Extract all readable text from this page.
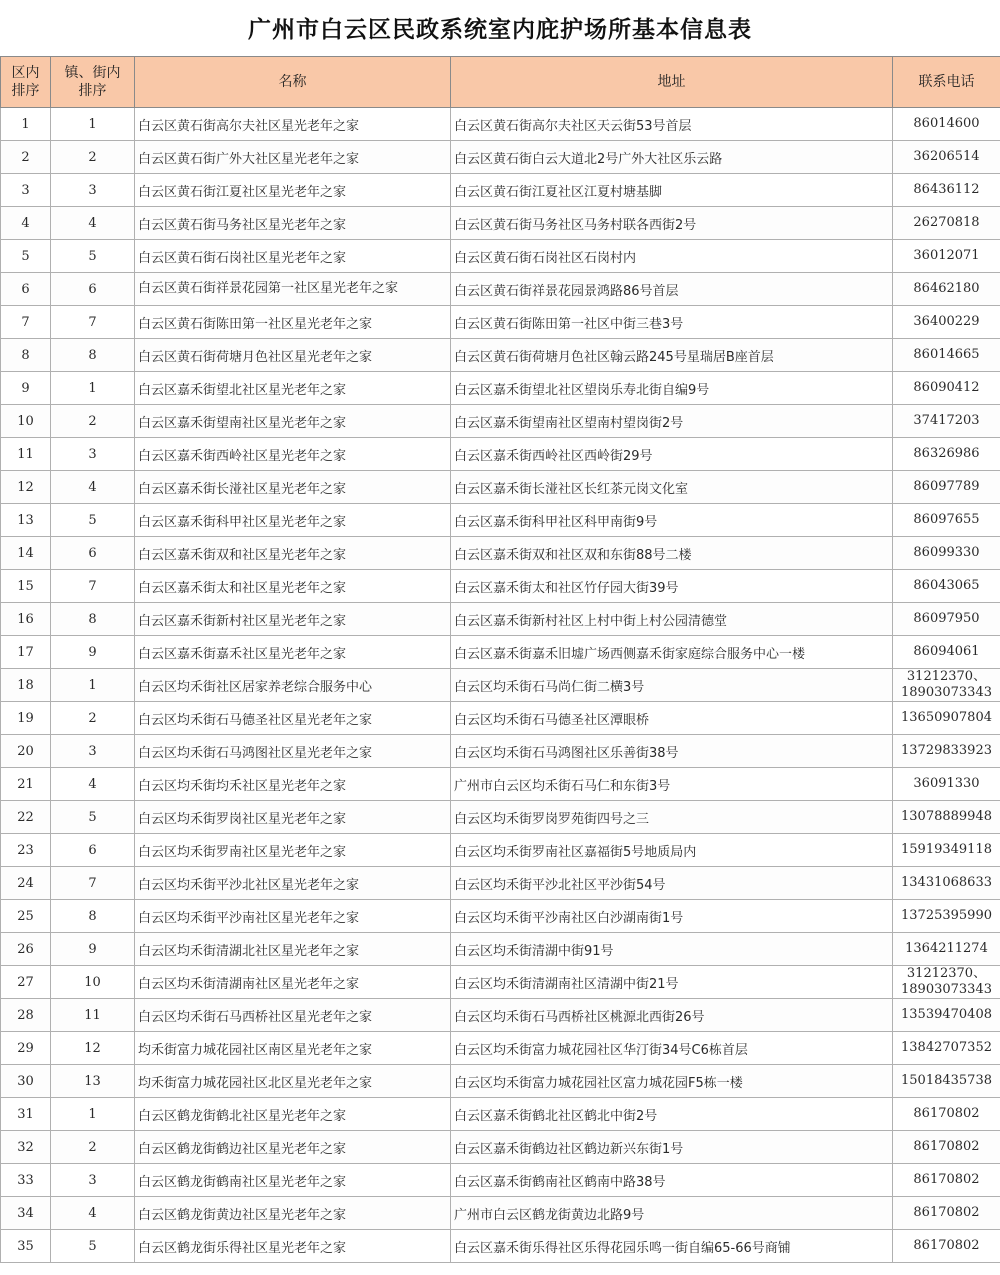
广州市白云区民政系统室内庇护场所基本信息表
区内
排序	镇、街内
排序	名称	地址	联系电话
1	1	白云区黄石街高尔夫社区星光老年之家	白云区黄石街高尔夫社区天云街53号首层	86014600
2	2	白云区黄石街广外大社区星光老年之家	白云区黄石街白云大道北2号广外大社区乐云路	36206514
3	3	白云区黄石街江夏社区星光老年之家	白云区黄石街江夏社区江夏村塘基脚	86436112
4	4	白云区黄石街马务社区星光老年之家	白云区黄石街马务社区马务村联各西街2号	26270818
5	5	白云区黄石街石岗社区星光老年之家	白云区黄石街石岗社区石岗村内	36012071
6	6	白云区黄石街祥景花园第一社区星光老年之家	白云区黄石街祥景花园景鸿路86号首层	86462180
7	7	白云区黄石街陈田第一社区星光老年之家	白云区黄石街陈田第一社区中街三巷3号	36400229
8	8	白云区黄石街荷塘月色社区星光老年之家	白云区黄石街荷塘月色社区翰云路245号星瑞居B座首层	86014665
9	1	白云区嘉禾街望北社区星光老年之家	白云区嘉禾街望北社区望岗乐寿北街自编9号	86090412
10	2	白云区嘉禾街望南社区星光老年之家	白云区嘉禾街望南社区望南村望岗街2号	37417203
11	3	白云区嘉禾街西岭社区星光老年之家	白云区嘉禾街西岭社区西岭街29号	86326986
12	4	白云区嘉禾街长湴社区星光老年之家	白云区嘉禾街长湴社区长红茶元岗文化室	86097789
13	5	白云区嘉禾街科甲社区星光老年之家	白云区嘉禾街科甲社区科甲南街9号	86097655
14	6	白云区嘉禾街双和社区星光老年之家	白云区嘉禾街双和社区双和东街88号二楼	86099330
15	7	白云区嘉禾街太和社区星光老年之家	白云区嘉禾街太和社区竹仔园大街39号	86043065
16	8	白云区嘉禾街新村社区星光老年之家	白云区嘉禾街新村社区上村中街上村公园清德堂	86097950
17	9	白云区嘉禾街嘉禾社区星光老年之家	白云区嘉禾街嘉禾旧墟广场西侧嘉禾街家庭综合服务中心一楼	86094061
18	1	白云区均禾街社区居家养老综合服务中心	白云区均禾街石马尚仁街二横3号	31212370、
18903073343
19	2	白云区均禾街石马德圣社区星光老年之家	白云区均禾街石马德圣社区潭眼桥	13650907804
20	3	白云区均禾街石马鸿图社区星光老年之家	白云区均禾街石马鸿图社区乐善街38号	13729833923
21	4	白云区均禾街均禾社区星光老年之家	广州市白云区均禾街石马仁和东街3号	36091330
22	5	白云区均禾街罗岗社区星光老年之家	白云区均禾街罗岗罗苑街四号之三	13078889948
23	6	白云区均禾街罗南社区星光老年之家	白云区均禾街罗南社区嘉福街5号地质局内	15919349118
24	7	白云区均禾街平沙北社区星光老年之家	白云区均禾街平沙北社区平沙街54号	13431068633
25	8	白云区均禾街平沙南社区星光老年之家	白云区均禾街平沙南社区白沙湖南街1号	13725395990
26	9	白云区均禾街清湖北社区星光老年之家	白云区均禾街清湖中街91号	1364211274
27	10	白云区均禾街清湖南社区星光老年之家	白云区均禾街清湖南社区清湖中街21号	31212370、
18903073343
28	11	白云区均禾街石马西桥社区星光老年之家	白云区均禾街石马西桥社区桃源北西街26号	13539470408
29	12	均禾街富力城花园社区南区星光老年之家	白云区均禾街富力城花园社区华汀街34号C6栋首层	13842707352
30	13	均禾街富力城花园社区北区星光老年之家	白云区均禾街富力城花园社区富力城花园F5栋一楼	15018435738
31	1	白云区鹤龙街鹤北社区星光老年之家	白云区嘉禾街鹤北社区鹤北中街2号	86170802
32	2	白云区鹤龙街鹤边社区星光老年之家	白云区嘉禾街鹤边社区鹤边新兴东街1号	86170802
33	3	白云区鹤龙街鹤南社区星光老年之家	白云区嘉禾街鹤南社区鹤南中路38号	86170802
34	4	白云区鹤龙街黄边社区星光老年之家	广州市白云区鹤龙街黄边北路9号	86170802
35	5	白云区鹤龙街乐得社区星光老年之家	白云区嘉禾街乐得社区乐得花园乐鸣一街自编65-66号商铺	86170802
